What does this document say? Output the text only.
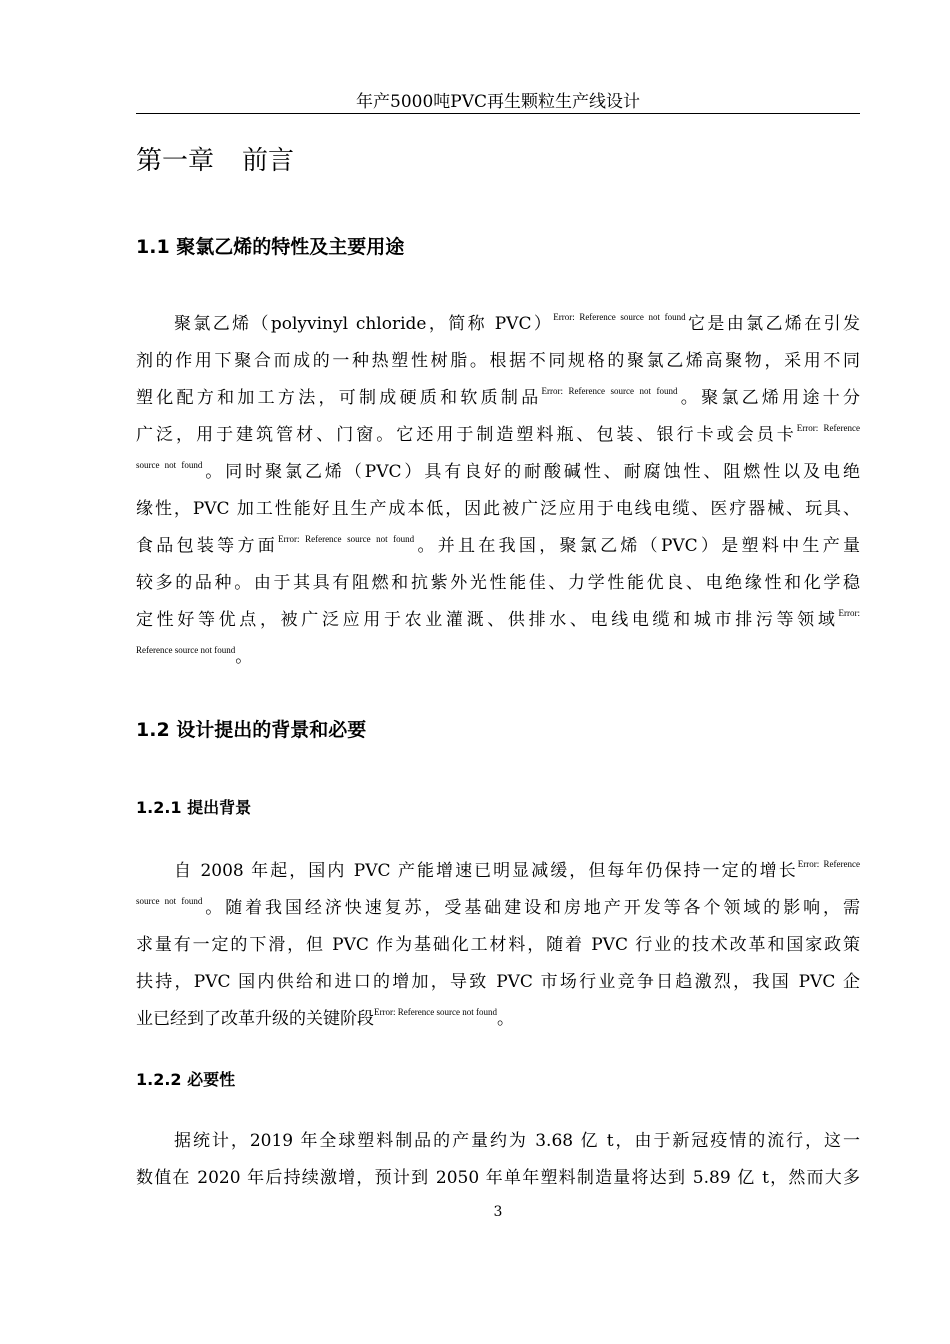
年产5000吨PVC再生颗粒生产线设计

第一章 前言
1.1 聚氯乙烯的特性及主要用途
聚氯乙烯（polyvinyl chloride，简称 PVC）$^{Error: Reference source not found}$它是由氯乙烯在引发
剂的作用下聚合而成的一种热塑性树脂。根据不同规格的聚氯乙烯高聚物，采用不同
塑化配方和加工方法，可制成硬质和软质制品$^{Error: Reference source not found}$。聚氯乙烯用途十分
广泛，用于建筑管材、门窗。它还用于制造塑料瓶、包装、银行卡或会员卡$^{Error: Reference}$
$^{source not found}$。同时聚氯乙烯（PVC）具有良好的耐酸碱性、耐腐蚀性、阻燃性以及电绝
缘性，PVC 加工性能好且生产成本低，因此被广泛应用于电线电缆、医疗器械、玩具、
食品包装等方面$^{Error: Reference source not found}$。并且在我国，聚氯乙烯（PVC）是塑料中生产量
较多的品种。由于其具有阻燃和抗紫外光性能佳、力学性能优良、电绝缘性和化学稳
定性好等优点，被广泛应用于农业灌溉、供排水、电线电缆和城市排污等领域$^{Error:}$
$^{Reference source not found}$。
1.2 设计提出的背景和必要
1.2.1 提出背景
自 2008 年起，国内 PVC 产能增速已明显减缓，但每年仍保持一定的增长$^{Error: Reference}$
$^{source not found}$。随着我国经济快速复苏，受基础建设和房地产开发等各个领域的影响，需
求量有一定的下滑，但 PVC 作为基础化工材料，随着 PVC 行业的技术改革和国家政策
扶持，PVC 国内供给和进口的增加，导致 PVC 市场行业竞争日趋激烈，我国 PVC 企
业已经到了改革升级的关键阶段$^{Error: Reference source not found}$。
1.2.2 必要性
据统计，2019 年全球塑料制品的产量约为 3.68 亿 t，由于新冠疫情的流行，这一
数值在 2020 年后持续激增，预计到 2050 年单年塑料制造量将达到 5.89 亿 t，然而大多

3
